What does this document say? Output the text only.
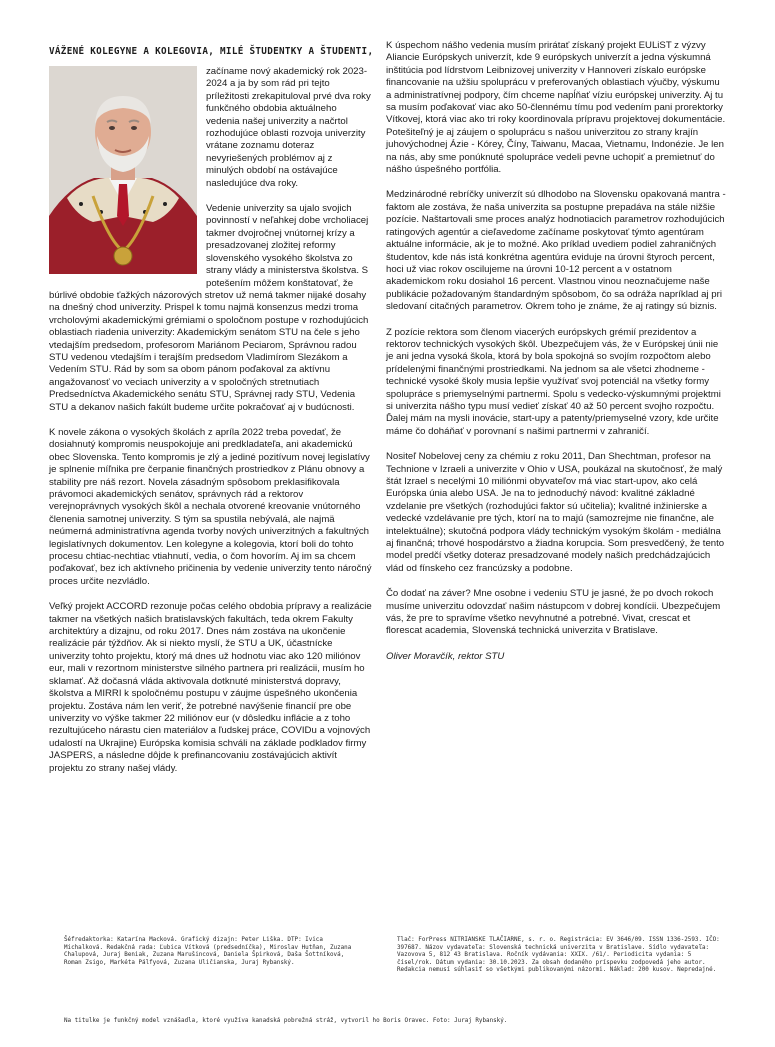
VÁŽENÉ KOLEGYNE A KOLEGOVIA, MILÉ ŠTUDENTKY A ŠTUDENTI,

začíname nový akademický rok 2023-2024 a ja by som rád pri tejto príležitosti zrekapituloval prvé dva roky funkčného obdobia aktuálneho vedenia našej univerzity a načrtol rozhodujúce oblasti rozvoja univerzity vrátane zoznamu doteraz nevyriešených problémov aj z minulých období na ostávajúce nasledujúce dva roky.

Vedenie univerzity sa ujalo svojich povinností v neľahkej dobe vrcholiacej takmer dvojročnej vnútornej krízy a presadzovanej zložitej reformy slovenského vysokého školstva zo strany vlády a ministerstva školstva. S potešením môžem konštatovať, že búrlivé obdobie ťažkých názorových stretov už nemá takmer nijaké dosahy na dnešný chod univerzity. Prispel k tomu najmä konsenzus medzi troma vrcholovými akademickými grémiami o spoločnom postupe v rozhodujúcich oblastiach riadenia univerzity: Akademickým senátom STU na čele s jeho vtedajším predsedom, profesorom Mariánom Peciarom, Správnou radou STU vedenou vtedajším i terajším predsedom Vladimírom Slezákom a Vedením STU. Rád by som sa obom pánom poďakoval za aktívnu angažovanosť vo veciach univerzity a v spoločných stretnutiach Predsedníctva Akademického senátu STU, Správnej rady STU, Vedenia STU a dekanov našich fakúlt budeme určite pokračovať aj v budúcnosti.

K novele zákona o vysokých školách z apríla 2022 treba povedať, že dosiahnutý kompromis neuspokojuje ani predkladateľa, ani akademickú obec Slovenska. Tento kompromis je zlý a jediné pozitívum novej legislatívy je splnenie míľnika pre čerpanie finančných prostriedkov z Plánu obnovy a stability pre náš rezort. Novela zásadným spôsobom preklasifikovala právomoci akademických senátov, správnych rád a rektorov verejnoprávnych vysokých škôl a nechala otvorené kreovanie vnútorného členenia samotnej univerzity. S tým sa spustila nebývalá, ale najmä neúmerná administratívna agenda tvorby nových univerzitných a fakultných legislatívnych dokumentov. Len kolegyne a kolegovia, ktorí boli do tohto procesu chtiac-nechtiac vtiahnutí, vedia, o čom hovorím. Aj im sa chcem poďakovať, bez ich aktívneho pričinenia by vedenie univerzity tento náročný proces určite nezvládlo.

Veľký projekt ACCORD rezonuje počas celého obdobia prípravy a realizácie takmer na všetkých našich bratislavských fakultách, teda okrem Fakulty architektúry a dizajnu, od roku 2017. Dnes nám zostáva na ukončenie realizácie pár týždňov. Ak si niekto myslí, že STU a UK, účastnícke univerzity tohto projektu, ktorý má dnes už hodnotu viac ako 120 miliónov eur, mali v rezortnom ministerstve silného partnera pri realizácii, musím ho sklamať. Až dočasná vláda aktivovala dotknuté ministerstvá dopravy, školstva a MIRRI k spoločnému postupu v záujme úspešného ukončenia projektu. Zostáva nám len veriť, že potrebné navýšenie financií pre obe univerzity vo výške takmer 22 miliónov eur (v dôsledku inflácie a z toho rezultujúceho nárastu cien materiálov a ľudskej práce, COVIDu a vojnových udalostí na Ukrajine) Európska komisia schváli na základe podkladov firmy JASPERS, a následne dôjde k prefinancovaniu zostávajúcich aktivít projektu zo strany našej vlády.

K úspechom nášho vedenia musím prirátať získaný projekt EULiST z výzvy Aliancie Európskych univerzít, kde 9 európskych univerzít a jedna výskumná inštitúcia pod lídrstvom Leibnizovej univerzity v Hannoveri získalo európske financovanie na užšiu spoluprácu v preferovaných oblastiach výučby, výskumu a administratívnej podpory, čím chceme napĺňať víziu európskej univerzity. Aj tu sa musím poďakovať viac ako 50-člennému tímu pod vedením pani prorektorky Vítkovej, ktorá viac ako tri roky koordinovala prípravu projektovej dokumentácie. Potešiteľný je aj záujem o spoluprácu s našou univerzitou zo strany krajín juhovýchodnej Ázie - Kórey, Číny, Taiwanu, Macaa, Vietnamu, Indonézie. Je len na nás, aby sme ponúknuté spolupráce vedeli pevne uchopiť a premietnuť do nášho úspešného portfólia.

Medzinárodné rebríčky univerzít sú dlhodobo na Slovensku opakovaná mantra - faktom ale zostáva, že naša univerzita sa postupne prepadáva na stále nižšie pozície. Naštartovali sme proces analýz hodnotiacich parametrov rozhodujúcich ratingových agentúr a cieľavedome začíname poskytovať týmto agentúram aktuálne informácie, ak je to možné. Ako príklad uvediem podiel zahraničných študentov, kde nás istá konkrétna agentúra eviduje na úrovni štyroch percent, hoci už viac rokov oscilujeme na úrovni 10-12 percent a v ostatnom akademickom roku dosiahol 16 percent. Vlastnou vinou neoznačujeme naše publikácie požadovaným štandardným spôsobom, čo sa odráža napríklad aj pri sledovaní citačných parametrov. Okrem toho je známe, že aj ratingy sú biznis.

Z pozície rektora som členom viacerých európskych grémií prezidentov a rektorov technických vysokých škôl. Ubezpečujem vás, že v Európskej únii nie je ani jedna vysoká škola, ktorá by bola spokojná so svojím rozpočtom alebo prídelenými finančnými prostriedkami. Na jednom sa ale všetci zhodneme - technické vysoké školy musia lepšie využívať svoj potenciál na všetky formy spolupráce s priemyselnými partnermi. Spolu s vedecko-výskumnými projektmi si univerzita nášho typu musí vedieť získať 40 až 50 percent svojho rozpočtu. Ďalej mám na mysli inovácie, start-upy a patenty/priemyselné vzory, kde určite máme čo doháňať v porovnaní s našimi partnermi v zahraničí.

Nositeľ Nobelovej ceny za chémiu z roku 2011, Dan Shechtman, profesor na Technione v Izraeli a univerzite v Ohio v USA, poukázal na skutočnosť, že malý štát Izrael s necelými 10 miliónmi obyvateľov má viac start-upov, ako celá Európska únia alebo USA. Je na to jednoduchý návod: kvalitné základné vzdelanie pre všetkých (rozhodujúci faktor sú učitelia); kvalitné inžinierske a vedecké vzdelávanie pre tých, ktorí na to majú (samozrejme nie finančne, ale intelektuálne); skutočná podpora vlády technickým vysokým školám - mediálna aj finančná; trhové hospodárstvo a žiadna korupcia. Som presvedčený, že tento model predčí všetky doteraz presadzované modely našich predchádzajúcich vlád od fínskeho cez francúzsky a podobne.

Čo dodať na záver? Mne osobne i vedeniu STU je jasné, že po dvoch rokoch musíme univerzitu odovzdať našim nástupcom v dobrej kondícii. Ubezpečujem vás, že pre to spravíme všetko nevyhnutné a potrebné. Vivat, crescat et florescat academia, Slovenská technická univerzita v Bratislave.

Oliver Moravčík, rektor STU

Šéfredaktorka: Katarína Macková. Grafický dizajn: Peter Liška. DTP: Ivica Michalková. Redakčná rada: Ľubica Vítková (predsedníčka), Miroslav Hutňan, Zuzana Chalupová, Juraj Beniak, Zuzana Marušincová, Daniela Špirková, Daša Šottníková, Roman Zsigo, Markéta Pálfyová, Zuzana Uličianska, Juraj Rybanský.
Tlač: ForPress NITRIANSKE TLAČIARNE, s. r. o. Registrácia: EV 3646/09. ISSN 1336-2593. IČO: 397687. Názov vydavateľa: Slovenská technická univerzita v Bratislave. Sídlo vydavateľa: Vazovova 5, 812 43 Bratislava. Ročník vydávania: XXIX. /61/. Periodicita vydania: 5 čísel/rok. Dátum vydania: 30.10.2023. Za obsah dodaného príspevku zodpovedá jeho autor. Redakcia nemusí súhlasiť so všetkými publikovanými názormi. Náklad: 200 kusov. Nepredajné.
Na titulke je funkčný model vznášadla, ktoré využíva kanadská pobrežná stráž, vytvoril ho Boris Oravec. Foto: Juraj Rybanský.
